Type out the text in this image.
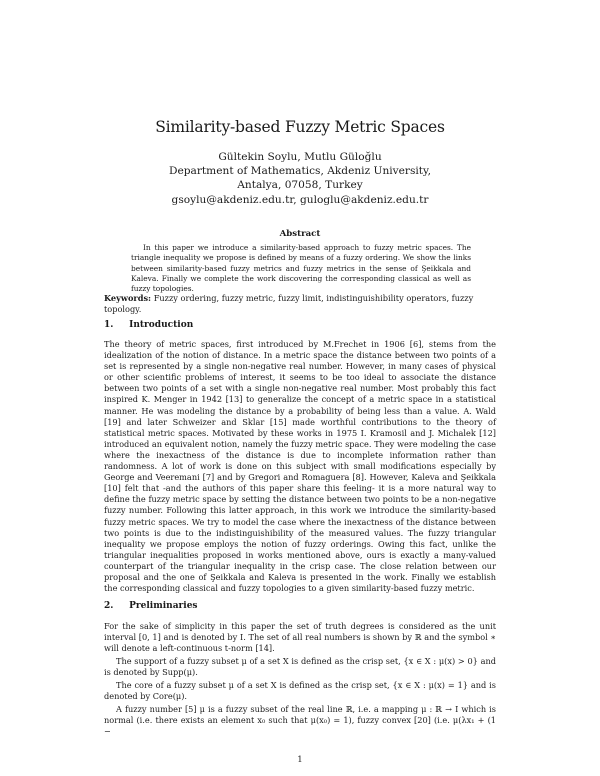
Similarity-based Fuzzy Metric Spaces
Gültekin Soylu, Mutlu Güloğlu
Department of Mathematics, Akdeniz University,
Antalya, 07058, Turkey
gsoylu@akdeniz.edu.tr, guloglu@akdeniz.edu.tr
Abstract

In this paper we introduce a similarity-based approach to fuzzy metric spaces. The triangle inequality we propose is defined by means of a fuzzy ordering. We show the links between similarity-based fuzzy metrics and fuzzy metrics in the sense of Şeikkala and Kaleva. Finally we complete the work discovering the corresponding classical as well as fuzzy topologies.

Keywords: Fuzzy ordering, fuzzy metric, fuzzy limit, indistinguishibility operators, fuzzy topology.
1. Introduction

The theory of metric spaces, first introduced by M.Frechet in 1906 [6], stems from the idealization of the notion of distance. In a metric space the distance between two points of a set is represented by a single non-negative real number. However, in many cases of physical or other scientific problems of interest, it seems to be too ideal to associate the distance between two points of a set with a single non-negative real number. Most probably this fact inspired K. Menger in 1942 [13] to generalize the concept of a metric space in a statistical manner. He was modeling the distance by a probability of being less than a value. A. Wald [19] and later Schweizer and Sklar [15] made worthful contributions to the theory of statistical metric spaces. Motivated by these works in 1975 I. Kramosil and J. Michalek [12] introduced an equivalent notion, namely the fuzzy metric space. They were modeling the case where the inexactness of the distance is due to incomplete information rather than randomness. A lot of work is done on this subject with small modifications especially by George and Veeremani [7] and by Gregori and Romaguera [8]. However, Kaleva and Şeikkala [10] felt that -and the authors of this paper share this feeling- it is a more natural way to define the fuzzy metric space by setting the distance between two points to be a non-negative fuzzy number. Following this latter approach, in this work we introduce the similarity-based fuzzy metric spaces. We try to model the case where the inexactness of the distance between two points is due to the indistinguishibility of the measured values. The fuzzy triangular inequality we propose employs the notion of fuzzy orderings. Owing this fact, unlike the triangular inequalities proposed in works mentioned above, ours is exactly a many-valued counterpart of the triangular inequality in the crisp case. The close relation between our proposal and the one of Şeikkala and Kaleva is presented in the work. Finally we establish the corresponding classical and fuzzy topologies to a given similarity-based fuzzy metric.

2. Preliminaries

For the sake of simplicity in this paper the set of truth degrees is considered as the unit interval [0, 1] and is denoted by I. The set of all real numbers is shown by ℝ and the symbol ∗ will denote a left-continuous t-norm [14].

The support of a fuzzy subset μ of a set X is defined as the crisp set, {x ∈ X : μ(x) > 0} and is denoted by Supp(μ).

The core of a fuzzy subset μ of a set X is defined as the crisp set, {x ∈ X : μ(x) = 1} and is denoted by Core(μ).

A fuzzy number [5] μ is a fuzzy subset of the real line ℝ, i.e. a mapping μ : ℝ → I which is normal (i.e. there exists an element x₀ such that μ(x₀) = 1), fuzzy convex [20] (i.e. μ(λx₁ + (1 −

1
